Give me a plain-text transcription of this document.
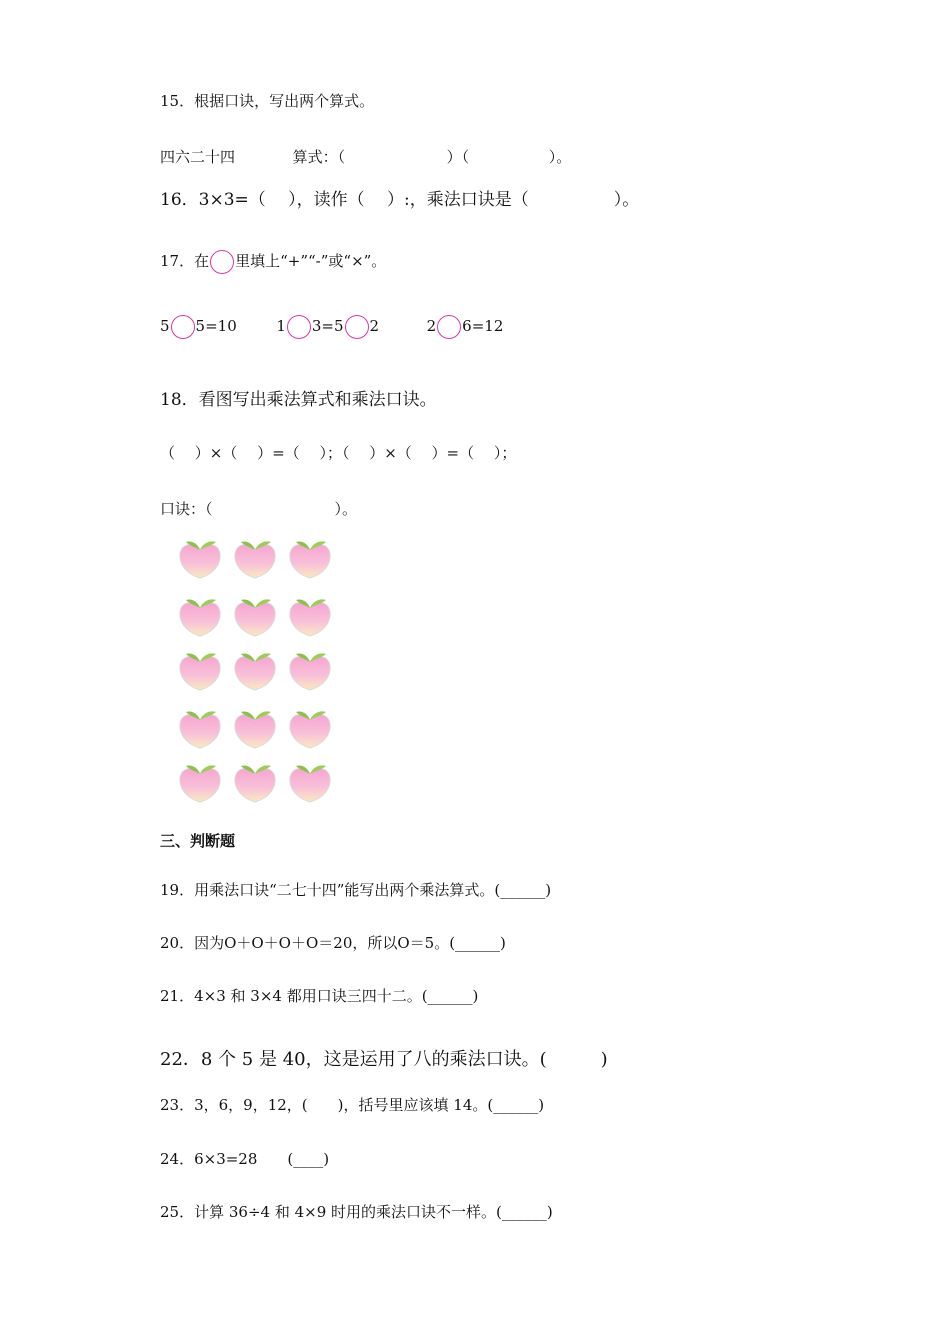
15．根据口诀，写出两个算式。
四六二十四	算式：（	）（	）。
16．3×3=（　 ），读作（　 ）:，乘法口诀是（　　　　　）。
17．在 里填上“+”“-”或“×”。
5 5=10	1 3=5 2	2 6=12
18．看图写出乘法算式和乘法口诀。
（　 ）×（　 ）=（　 ）；（　 ）×（　 ）=（　 ）；
口诀：（	）。
三、判断题
19．用乘法口诀“二七十四”能写出两个乘法算式。(______)
20．因为O＋O＋O＋O＝20，所以O＝5。(______)
21．4×3 和 3×4 都用口诀三四十二。(______)
22．8 个 5 是 40，这是运用了八的乘法口诀。(　　　)
23．3，6，9，12，(　　)，括号里应该填 14。(______)
24．6×3=28　　(____)
25．计算 36÷4 和 4×9 时用的乘法口诀不一样。(______)
